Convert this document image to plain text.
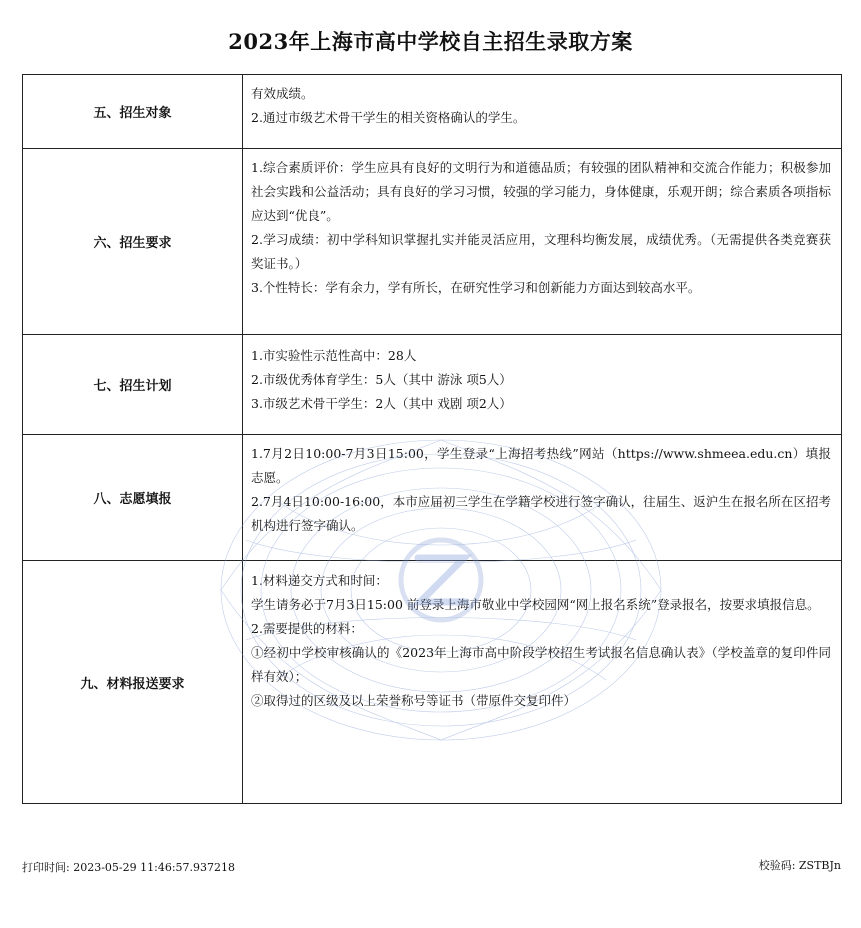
2023年上海市高中学校自主招生录取方案
五、招生对象

有效成绩。

2.通过市级艺术骨干学生的相关资格确认的学生。

六、招生要求

1.综合素质评价：学生应具有良好的文明行为和道德品质；有较强的团队精神和交流合作能力；积极参加社会实践和公益活动；具有良好的学习习惯，较强的学习能力，身体健康，乐观开朗；综合素质各项指标应达到“优良”。

2.学习成绩：初中学科知识掌握扎实并能灵活应用，文理科均衡发展，成绩优秀。（无需提供各类竞赛获奖证书。）

3.个性特长：学有余力，学有所长，在研究性学习和创新能力方面达到较高水平。

七、招生计划

1.市实验性示范性高中：28人

2.市级优秀体育学生：5人（其中 游泳 项5人）

3.市级艺术骨干学生：2人（其中 戏剧 项2人）

八、志愿填报

1.7月2日10:00-7月3日15:00，学生登录“上海招考热线”网站（https://www.shmeea.edu.cn）填报志愿。

2.7月4日10:00-16:00，本市应届初三学生在学籍学校进行签字确认，往届生、返沪生在报名所在区招考机构进行签字确认。

九、材料报送要求

1.材料递交方式和时间：

学生请务必于7月3日15:00 前登录上海市敬业中学校园网“网上报名系统”登录报名，按要求填报信息。

2.需要提供的材料：

①经初中学校审核确认的《2023年上海市高中阶段学校招生考试报名信息确认表》（学校盖章的复印件同样有效）；

②取得过的区级及以上荣誉称号等证书（带原件交复印件）

打印时间: 2023-05-29 11:46:57.937218	校验码: ZSTBJn
